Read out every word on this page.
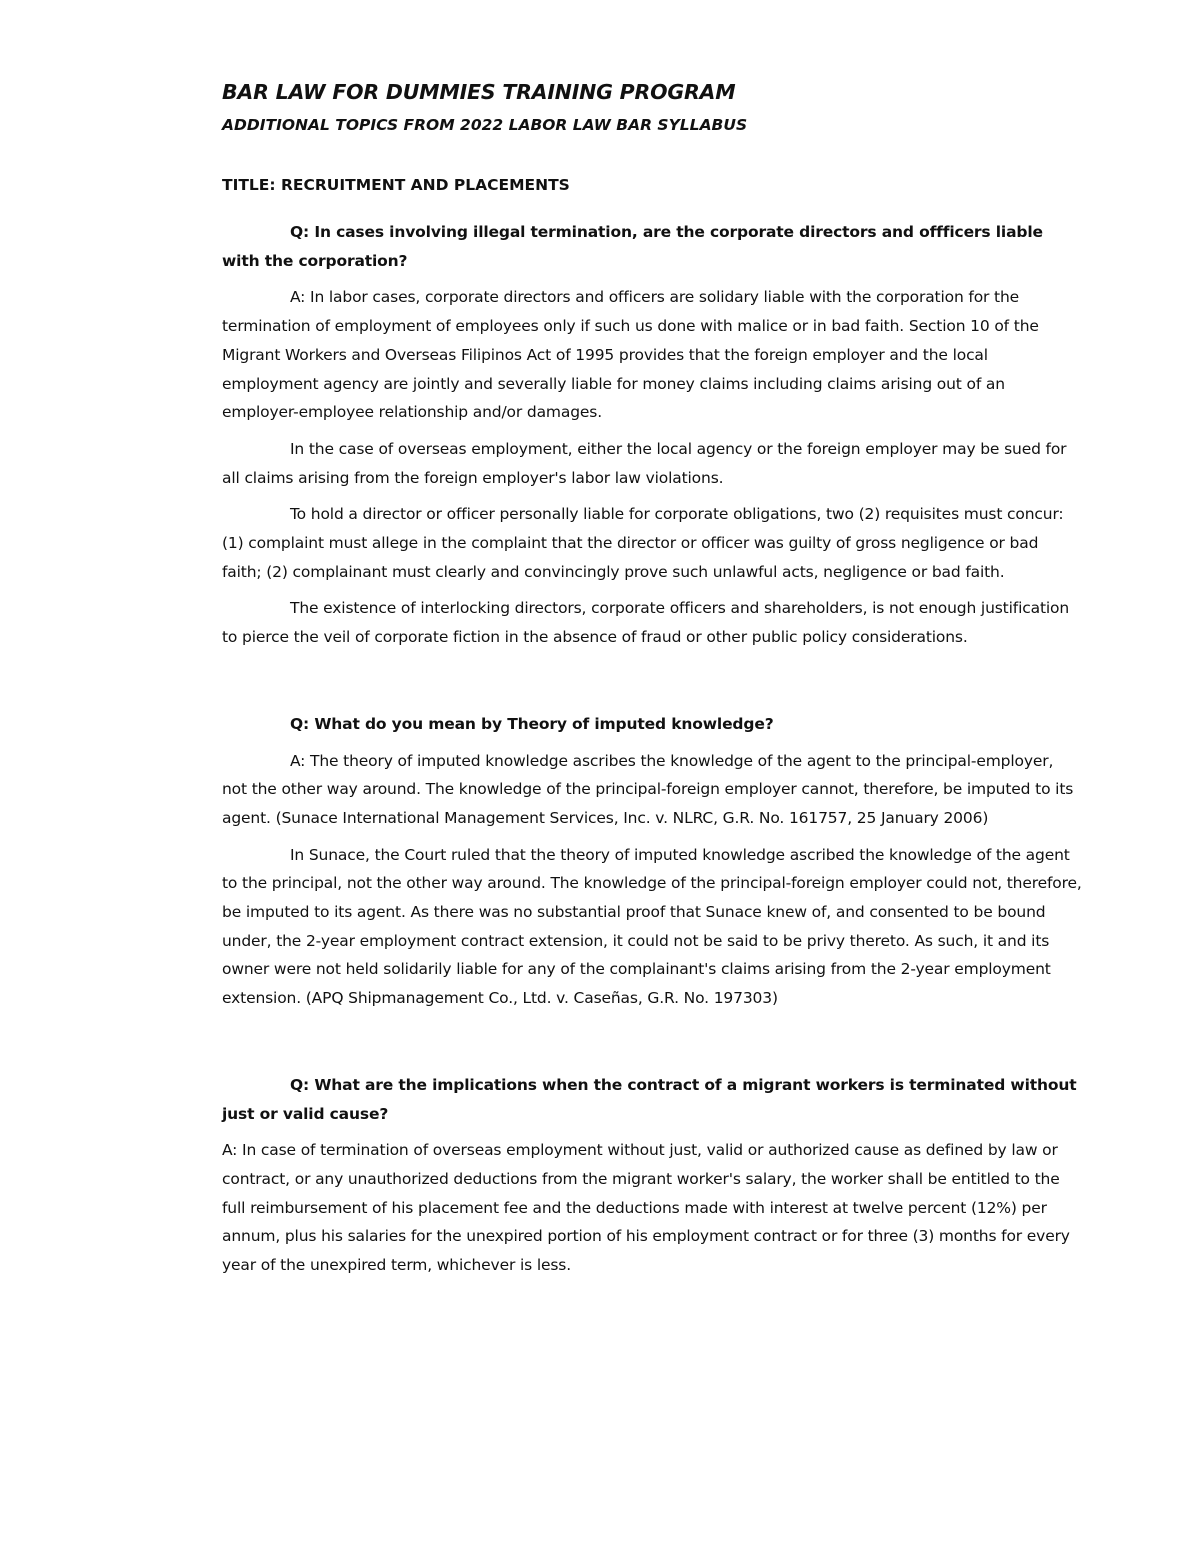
BAR LAW FOR DUMMIES TRAINING PROGRAM
ADDITIONAL TOPICS FROM 2022 LABOR LAW BAR SYLLABUS
TITLE: RECRUITMENT AND PLACEMENTS

Q: In cases involving illegal termination, are the corporate directors and offficers liable with the corporation?

A: In labor cases, corporate directors and officers are solidary liable with the corporation for the termination of employment of employees only if such us done with malice or in bad faith. Section 10 of the Migrant Workers and Overseas Filipinos Act of 1995 provides that the foreign employer and the local employment agency are jointly and severally liable for money claims including claims arising out of an employer-employee relationship and/or damages.

In the case of overseas employment, either the local agency or the foreign employer may be sued for all claims arising from the foreign employer's labor law violations.

To hold a director or officer personally liable for corporate obligations, two (2) requisites must concur: (1) complaint must allege in the complaint that the director or officer was guilty of gross negligence or bad faith; (2) complainant must clearly and convincingly prove such unlawful acts, negligence or bad faith.

The existence of interlocking directors, corporate officers and shareholders, is not enough justification to pierce the veil of corporate fiction in the absence of fraud or other public policy considerations.

Q: What do you mean by Theory of imputed knowledge?

A: The theory of imputed knowledge ascribes the knowledge of the agent to the principal-employer, not the other way around. The knowledge of the principal-foreign employer cannot, therefore, be imputed to its agent. (Sunace International Management Services, Inc. v. NLRC, G.R. No. 161757, 25 January 2006)

In Sunace, the Court ruled that the theory of imputed knowledge ascribed the knowledge of the agent to the principal, not the other way around. The knowledge of the principal-foreign employer could not, therefore, be imputed to its agent. As there was no substantial proof that Sunace knew of, and consented to be bound under, the 2-year employment contract extension, it could not be said to be privy thereto. As such, it and its owner were not held solidarily liable for any of the complainant's claims arising from the 2-year employment extension. (APQ Shipmanagement Co., Ltd. v. Caseñas, G.R. No. 197303)

Q: What are the implications when the contract of a migrant workers is terminated without just or valid cause?

A: In case of termination of overseas employment without just, valid or authorized cause as defined by law or contract, or any unauthorized deductions from the migrant worker's salary, the worker shall be entitled to the full reimbursement of his placement fee and the deductions made with interest at twelve percent (12%) per annum, plus his salaries for the unexpired portion of his employment contract or for three (3) months for every year of the unexpired term, whichever is less.
